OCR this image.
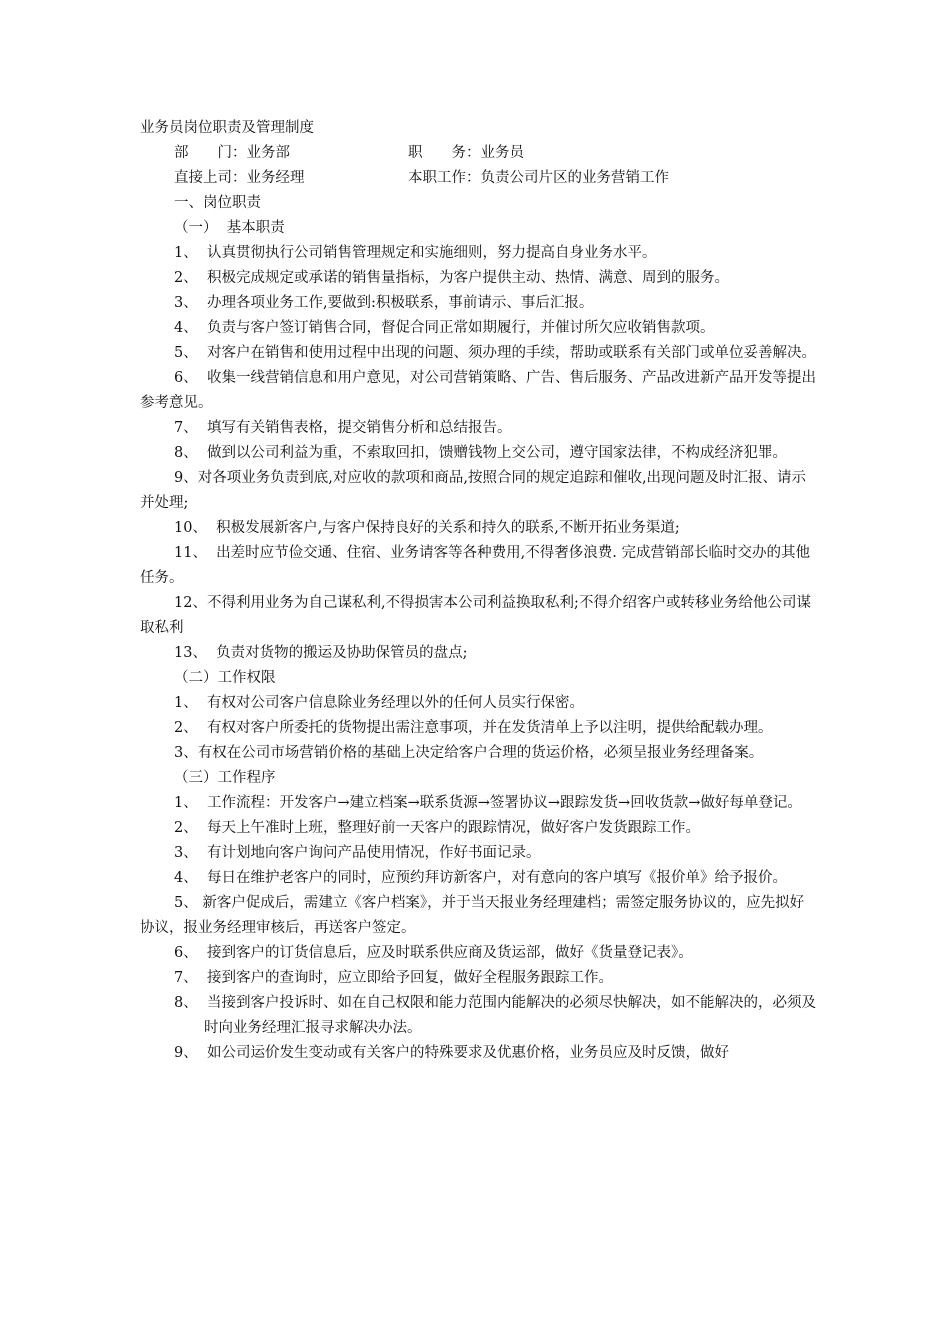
业务员岗位职责及管理制度

部　　门：业务部	职　　务：业务员
直接上司：业务经理	本职工作：负责公司片区的业务营销工作

一、岗位职责

（一）  基本职责

1、  认真贯彻执行公司销售管理规定和实施细则，努力提高自身业务水平。

2、  积极完成规定或承诺的销售量指标，为客户提供主动、热情、满意、周到的服务。

3、  办理各项业务工作,要做到:积极联系，事前请示、事后汇报。

4、  负责与客户签订销售合同，督促合同正常如期履行，并催讨所欠应收销售款项。

5、  对客户在销售和使用过程中出现的问题、须办理的手续，帮助或联系有关部门或单位妥善解决。

6、  收集一线营销信息和用户意见，对公司营销策略、广告、售后服务、产品改进新产品开发等提出参考意见。

7、  填写有关销售表格，提交销售分析和总结报告。

8、  做到以公司利益为重，不索取回扣，馈赠钱物上交公司，遵守国家法律，不构成经济犯罪。

9、对各项业务负责到底,对应收的款项和商品,按照合同的规定追踪和催收,出现问题及时汇报、请示并处理;

10、  积极发展新客户,与客户保持良好的关系和持久的联系,不断开拓业务渠道;

11、  出差时应节俭交通、住宿、业务请客等各种费用,不得奢侈浪费. 完成营销部长临时交办的其他任务。

12、不得利用业务为自己谋私利,不得损害本公司利益换取私利;不得介绍客户或转移业务给他公司谋取私利

13、  负责对货物的搬运及协助保管员的盘点;

（二）工作权限

1、  有权对公司客户信息除业务经理以外的任何人员实行保密。

2、  有权对客户所委托的货物提出需注意事项，并在发货清单上予以注明，提供给配载办理。

3、有权在公司市场营销价格的基础上决定给客户合理的货运价格，必须呈报业务经理备案。

（三）工作程序

1、  工作流程：开发客户→建立档案→联系货源→签署协议→跟踪发货→回收货款→做好每单登记。

2、  每天上午准时上班，整理好前一天客户的跟踪情况，做好客户发货跟踪工作。

3、  有计划地向客户询问产品使用情况，作好书面记录。

4、  每日在维护老客户的同时，应预约拜访新客户，对有意向的客户填写《报价单》给予报价。

5、 新客户促成后，需建立《客户档案》，并于当天报业务经理建档；需签定服务协议的，应先拟好协议，报业务经理审核后，再送客户签定。

6、  接到客户的订货信息后，应及时联系供应商及货运部，做好《货量登记表》。

7、  接到客户的查询时，应立即给予回复，做好全程服务跟踪工作。

8、  当接到客户投诉时、如在自己权限和能力范围内能解决的必须尽快解决，如不能解决的，必须及时向业务经理汇报寻求解决办法。

9、  如公司运价发生变动或有关客户的特殊要求及优惠价格，业务员应及时反馈，做好
